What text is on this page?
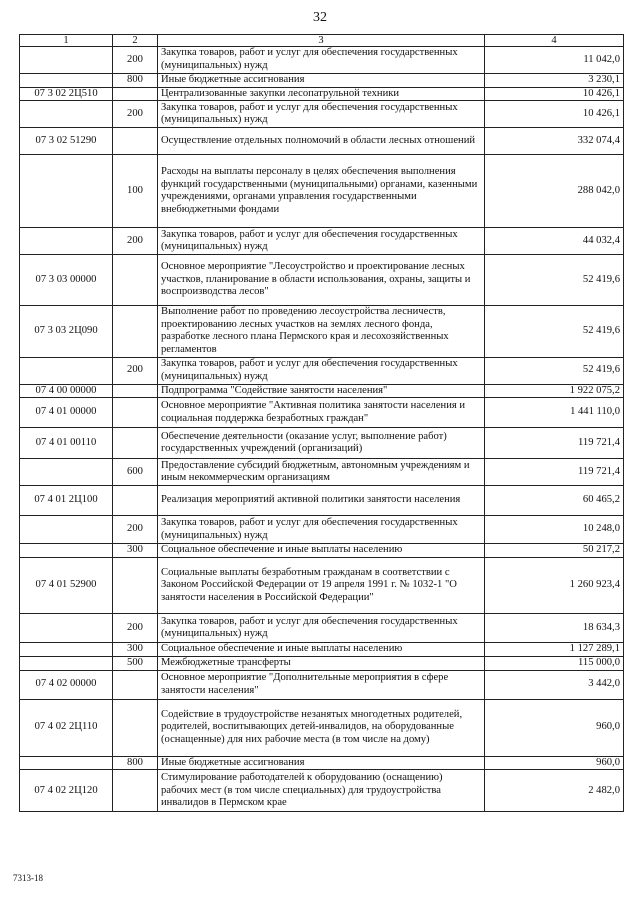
32
1	2	3	4
	200	Закупка товаров, работ и услуг для обеспечения государственных (муниципальных) нужд	11 042,0
	800	Иные бюджетные ассигнования	3 230,1
07 3 02 2Ц510		Централизованные закупки лесопатрульной техники	10 426,1
	200	Закупка товаров, работ и услуг для обеспечения государственных (муниципальных) нужд	10 426,1
07 3 02 51290		Осуществление отдельных полномочий в области лесных отношений	332 074,4
	100	Расходы на выплаты персоналу в целях обеспечения выполнения функций государственными (муниципальными) органами, казенными учреждениями, органами управления государственными внебюджетными фондами	288 042,0
	200	Закупка товаров, работ и услуг для обеспечения государственных (муниципальных) нужд	44 032,4
07 3 03 00000		Основное мероприятие "Лесоустройство и проектирование лесных участков, планирование в области использования, охраны, защиты и воспроизводства лесов"	52 419,6
07 3 03 2Ц090		Выполнение работ по проведению лесоустройства лесничеств, проектированию лесных участков на землях лесного фонда, разработке лесного плана Пермского края и лесохозяйственных регламентов	52 419,6
	200	Закупка товаров, работ и услуг для обеспечения государственных (муниципальных) нужд	52 419,6
07 4 00 00000		Подпрограмма "Содействие занятости населения"	1 922 075,2
07 4 01 00000		Основное мероприятие "Активная политика занятости населения и социальная поддержка безработных граждан"	1 441 110,0
07 4 01 00110		Обеспечение деятельности (оказание услуг, выполнение работ) государственных учреждений (организаций)	119 721,4
	600	Предоставление субсидий бюджетным, автономным учреждениям и иным некоммерческим организациям	119 721,4
07 4 01 2Ц100		Реализация мероприятий активной политики занятости населения	60 465,2
	200	Закупка товаров, работ и услуг для обеспечения государственных (муниципальных) нужд	10 248,0
	300	Социальное обеспечение и иные выплаты населению	50 217,2
07 4 01 52900		Социальные выплаты безработным гражданам в соответствии с Законом Российской Федерации от 19 апреля 1991 г. № 1032-1 "О занятости населения в Российской Федерации"	1 260 923,4
	200	Закупка товаров, работ и услуг для обеспечения государственных (муниципальных) нужд	18 634,3
	300	Социальное обеспечение и иные выплаты населению	1 127 289,1
	500	Межбюджетные трансферты	115 000,0
07 4 02 00000		Основное мероприятие "Дополнительные мероприятия в сфере занятости населения"	3 442,0
07 4 02 2Ц110		Содействие в трудоустройстве незанятых многодетных родителей, родителей, воспитывающих детей-инвалидов, на оборудованные (оснащенные) для них рабочие места (в том числе на дому)	960,0
	800	Иные бюджетные ассигнования	960,0
07 4 02 2Ц120		Стимулирование работодателей к оборудованию (оснащению) рабочих мест (в том числе специальных) для трудоустройства инвалидов в Пермском крае	2 482,0
7313-18
